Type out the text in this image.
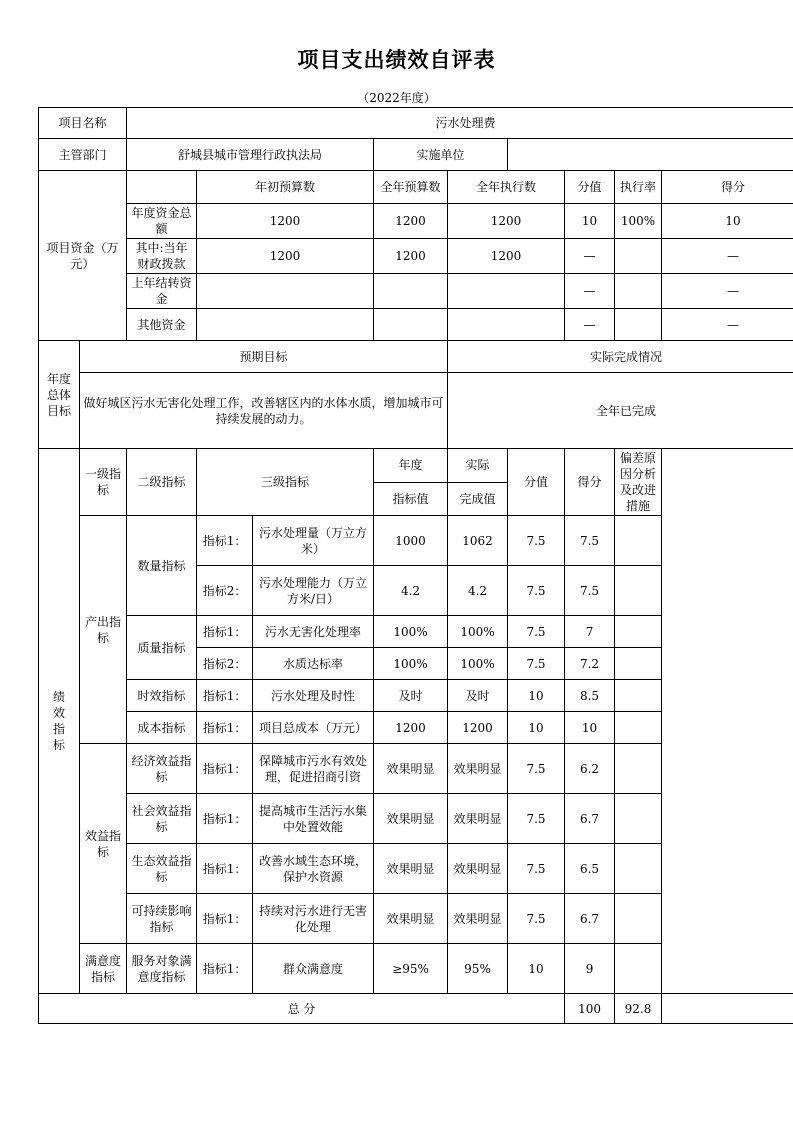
项目支出绩效自评表
（2022年度）
项目名称		污水处理费								
主管部门		舒城县城市管理行政执法局			实施单位					
项目资金（万元）			年初预算数		全年预算数	全年执行数		分值	执行率	得分
		年度资金总额	1200		1200	1200		10	100%	10
		其中:当年财政拨款	1200		1200	1200		—		—
		上年结转资金						—		—
		其他资金						—		—
年度总体目标	预期目标					实际完成情况				
	做好城区污水无害化处理工作，改善辖区内的水体水质，增加城市可持续发展的动力。					全年已完成				
绩
效
指
标	一级指标	二级指标	三级指标		年度	实际	分值	得分	偏差原因分析及改进措施	
					指标值	完成值				
	产出指标	数量指标	指标1：	污水处理量（万立方米）	1000	1062	7.5	7.5		
			指标2：	污水处理能力（万立方米/日）	4.2	4.2	7.5	7.5		
		质量指标	指标1：	污水无害化处理率	100%	100%	7.5	7		
			指标2：	水质达标率	100%	100%	7.5	7.2		
		时效指标	指标1：	污水处理及时性	及时	及时	10	8.5		
		成本指标	指标1：	项目总成本（万元）	1200	1200	10	10		
	效益指标	经济效益指标	指标1：	保障城市污水有效处理，促进招商引资	效果明显	效果明显	7.5	6.2		
		社会效益指标	指标1：	提高城市生活污水集中处置效能	效果明显	效果明显	7.5	6.7		
		生态效益指标	指标1：	改善水域生态环境，保护水资源	效果明显	效果明显	7.5	6.5		
		可持续影响指标	指标1：	持续对污水进行无害化处理	效果明显	效果明显	7.5	6.7		
	满意度指标	服务对象满意度指标	指标1：	群众满意度	≥95%	95%	10	9		
总 分								100	92.8	
